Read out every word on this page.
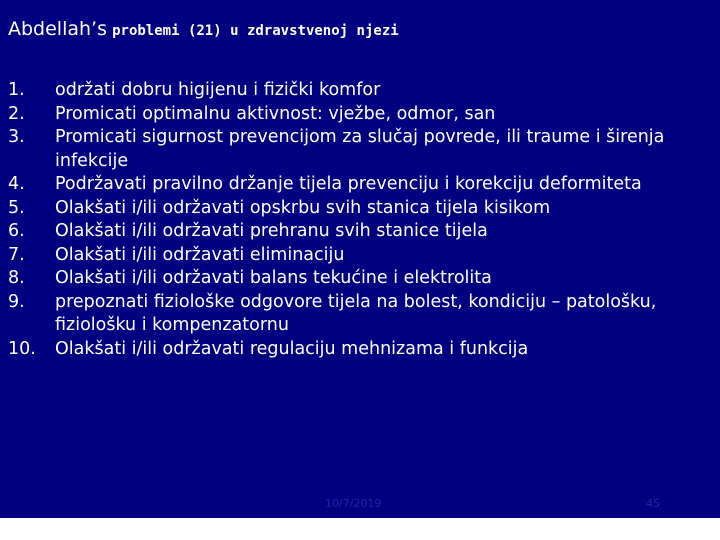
Abdellah’s problemi (21) u zdravstvenoj njezi
1.	održati dobru higijenu i fizički komfor
2.	Promicati optimalnu aktivnost: vježbe, odmor, san
3.	Promicati sigurnost prevencijom za slučaj povrede, ili traume i širenja infekcije
4.	Podržavati pravilno držanje tijela prevenciju i korekciju deformiteta
5.	Olakšati i/ili održavati opskrbu svih stanica tijela kisikom
6.	Olakšati i/ili održavati prehranu svih stanice tijela
7.	Olakšati i/ili održavati eliminaciju
8.	Olakšati i/ili održavati balans tekućine i elektrolita
9.	prepoznati fiziološke odgovore tijela na bolest, kondiciju – patološku, fiziološku i kompenzatornu
10.	Olakšati i/ili održavati regulaciju mehnizama i funkcija
10/7/2019	45
